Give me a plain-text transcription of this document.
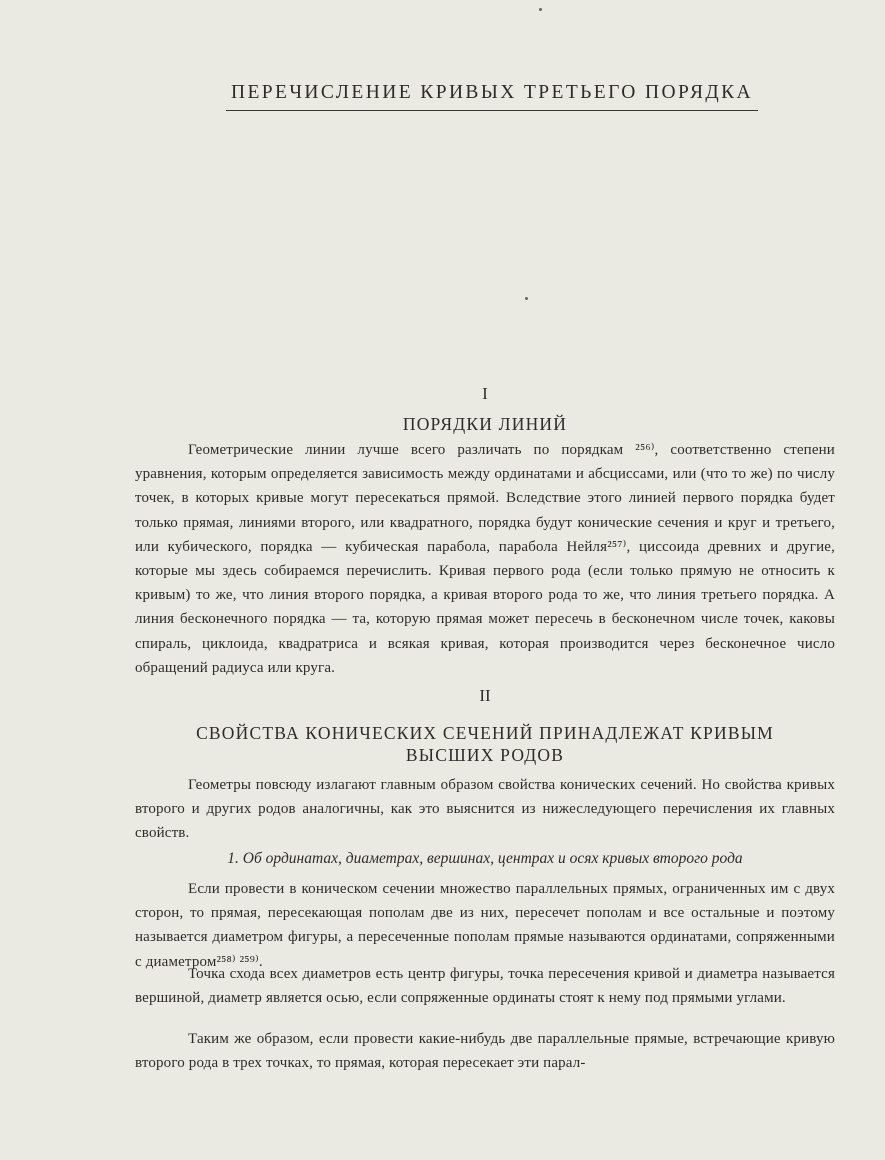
ПЕРЕЧИСЛЕНИЕ КРИВЫХ ТРЕТЬЕГО ПОРЯДКА
I
ПОРЯДКИ ЛИНИЙ
Геометрические линии лучше всего различать по порядкам ²⁵⁶⁾, соответственно степени уравнения, которым определяется зависимость между ординатами и абсциссами, или (что то же) по числу точек, в которых кривые могут пересекаться прямой. Вследствие этого линией первого порядка будет только прямая, линиями второго, или квадратного, порядка будут конические сечения и круг и третьего, или кубического, порядка — кубическая парабола, парабола Нейля²⁵⁷⁾, циссоида древних и другие, которые мы здесь собираемся перечислить. Кривая первого рода (если только прямую не относить к кривым) то же, что линия второго порядка, а кривая второго рода то же, что линия третьего порядка. А линия бесконечного порядка — та, которую прямая может пересечь в бесконечном числе точек, каковы спираль, циклоида, квадратриса и всякая кривая, которая производится через бесконечное число обращений радиуса или круга.
II
СВОЙСТВА КОНИЧЕСКИХ СЕЧЕНИЙ ПРИНАДЛЕЖАТ КРИВЫМ
ВЫСШИХ РОДОВ
Геометры повсюду излагают главным образом свойства конических сечений. Но свойства кривых второго и других родов аналогичны, как это выяснится из нижеследующего перечисления их главных свойств.
1. Об ординатах, диаметрах, вершинах, центрах и осях кривых второго рода
Если провести в коническом сечении множество параллельных прямых, ограниченных им с двух сторон, то прямая, пересекающая пополам две из них, пересечет пополам и все остальные и поэтому называется диаметром фигуры, а пересеченные пополам прямые называются ординатами, сопряженными с диаметром²⁵⁸⁾ ²⁵⁹⁾.
Точка схода всех диаметров есть центр фигуры, точка пересечения кривой и диаметра называется вершиной, диаметр является осью, если сопряженные ординаты стоят к нему под прямыми углами.
Таким же образом, если провести какие-нибудь две параллельные прямые, встречающие кривую второго рода в трех точках, то прямая, которая пересекает эти парал-
